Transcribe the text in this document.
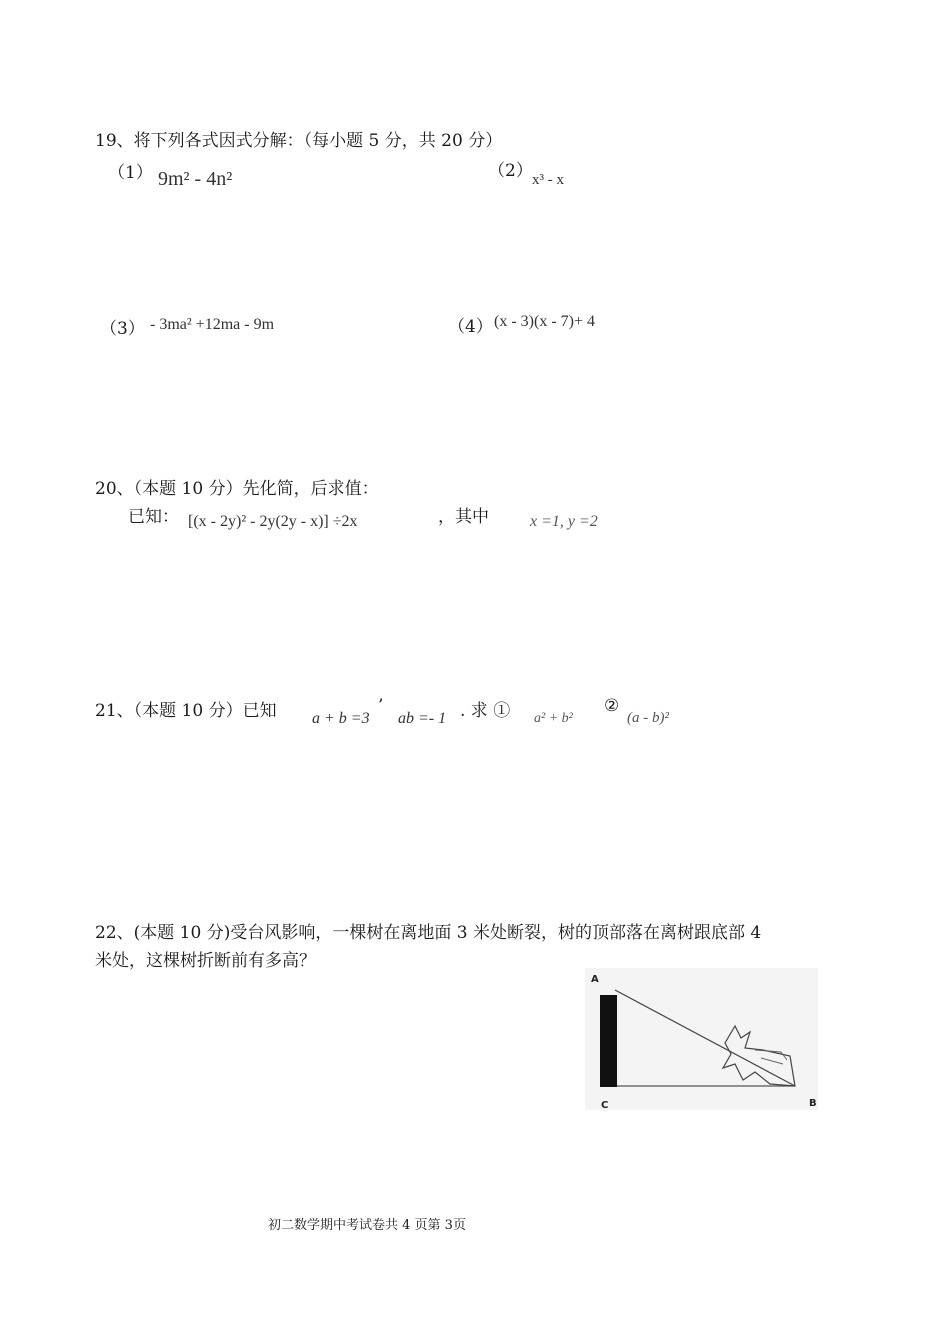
19、将下列各式因式分解：（每小题 5 分，共 20 分）
（1） 9m² - 4n²	（2） x³ - x
（3） - 3ma² +12ma - 9m	（4） (x - 3)(x - 7)+ 4
20、（本题 10 分）先化简，后求值：
已知： [(x - 2y)² - 2y(2y - x)] ÷2x	，其中	x =1, y =2
21、（本题 10 分）已知 a + b =3
’
ab =- 1 . 求 ① a² + b²
②
(a - b)²
22、(本题 10 分)受台风影响，一棵树在离地面 3 米处断裂，树的顶部落在离树跟底部 4
米处，这棵树折断前有多高？
A
C	B
初二数学期中考试卷共 4 页第 3页
